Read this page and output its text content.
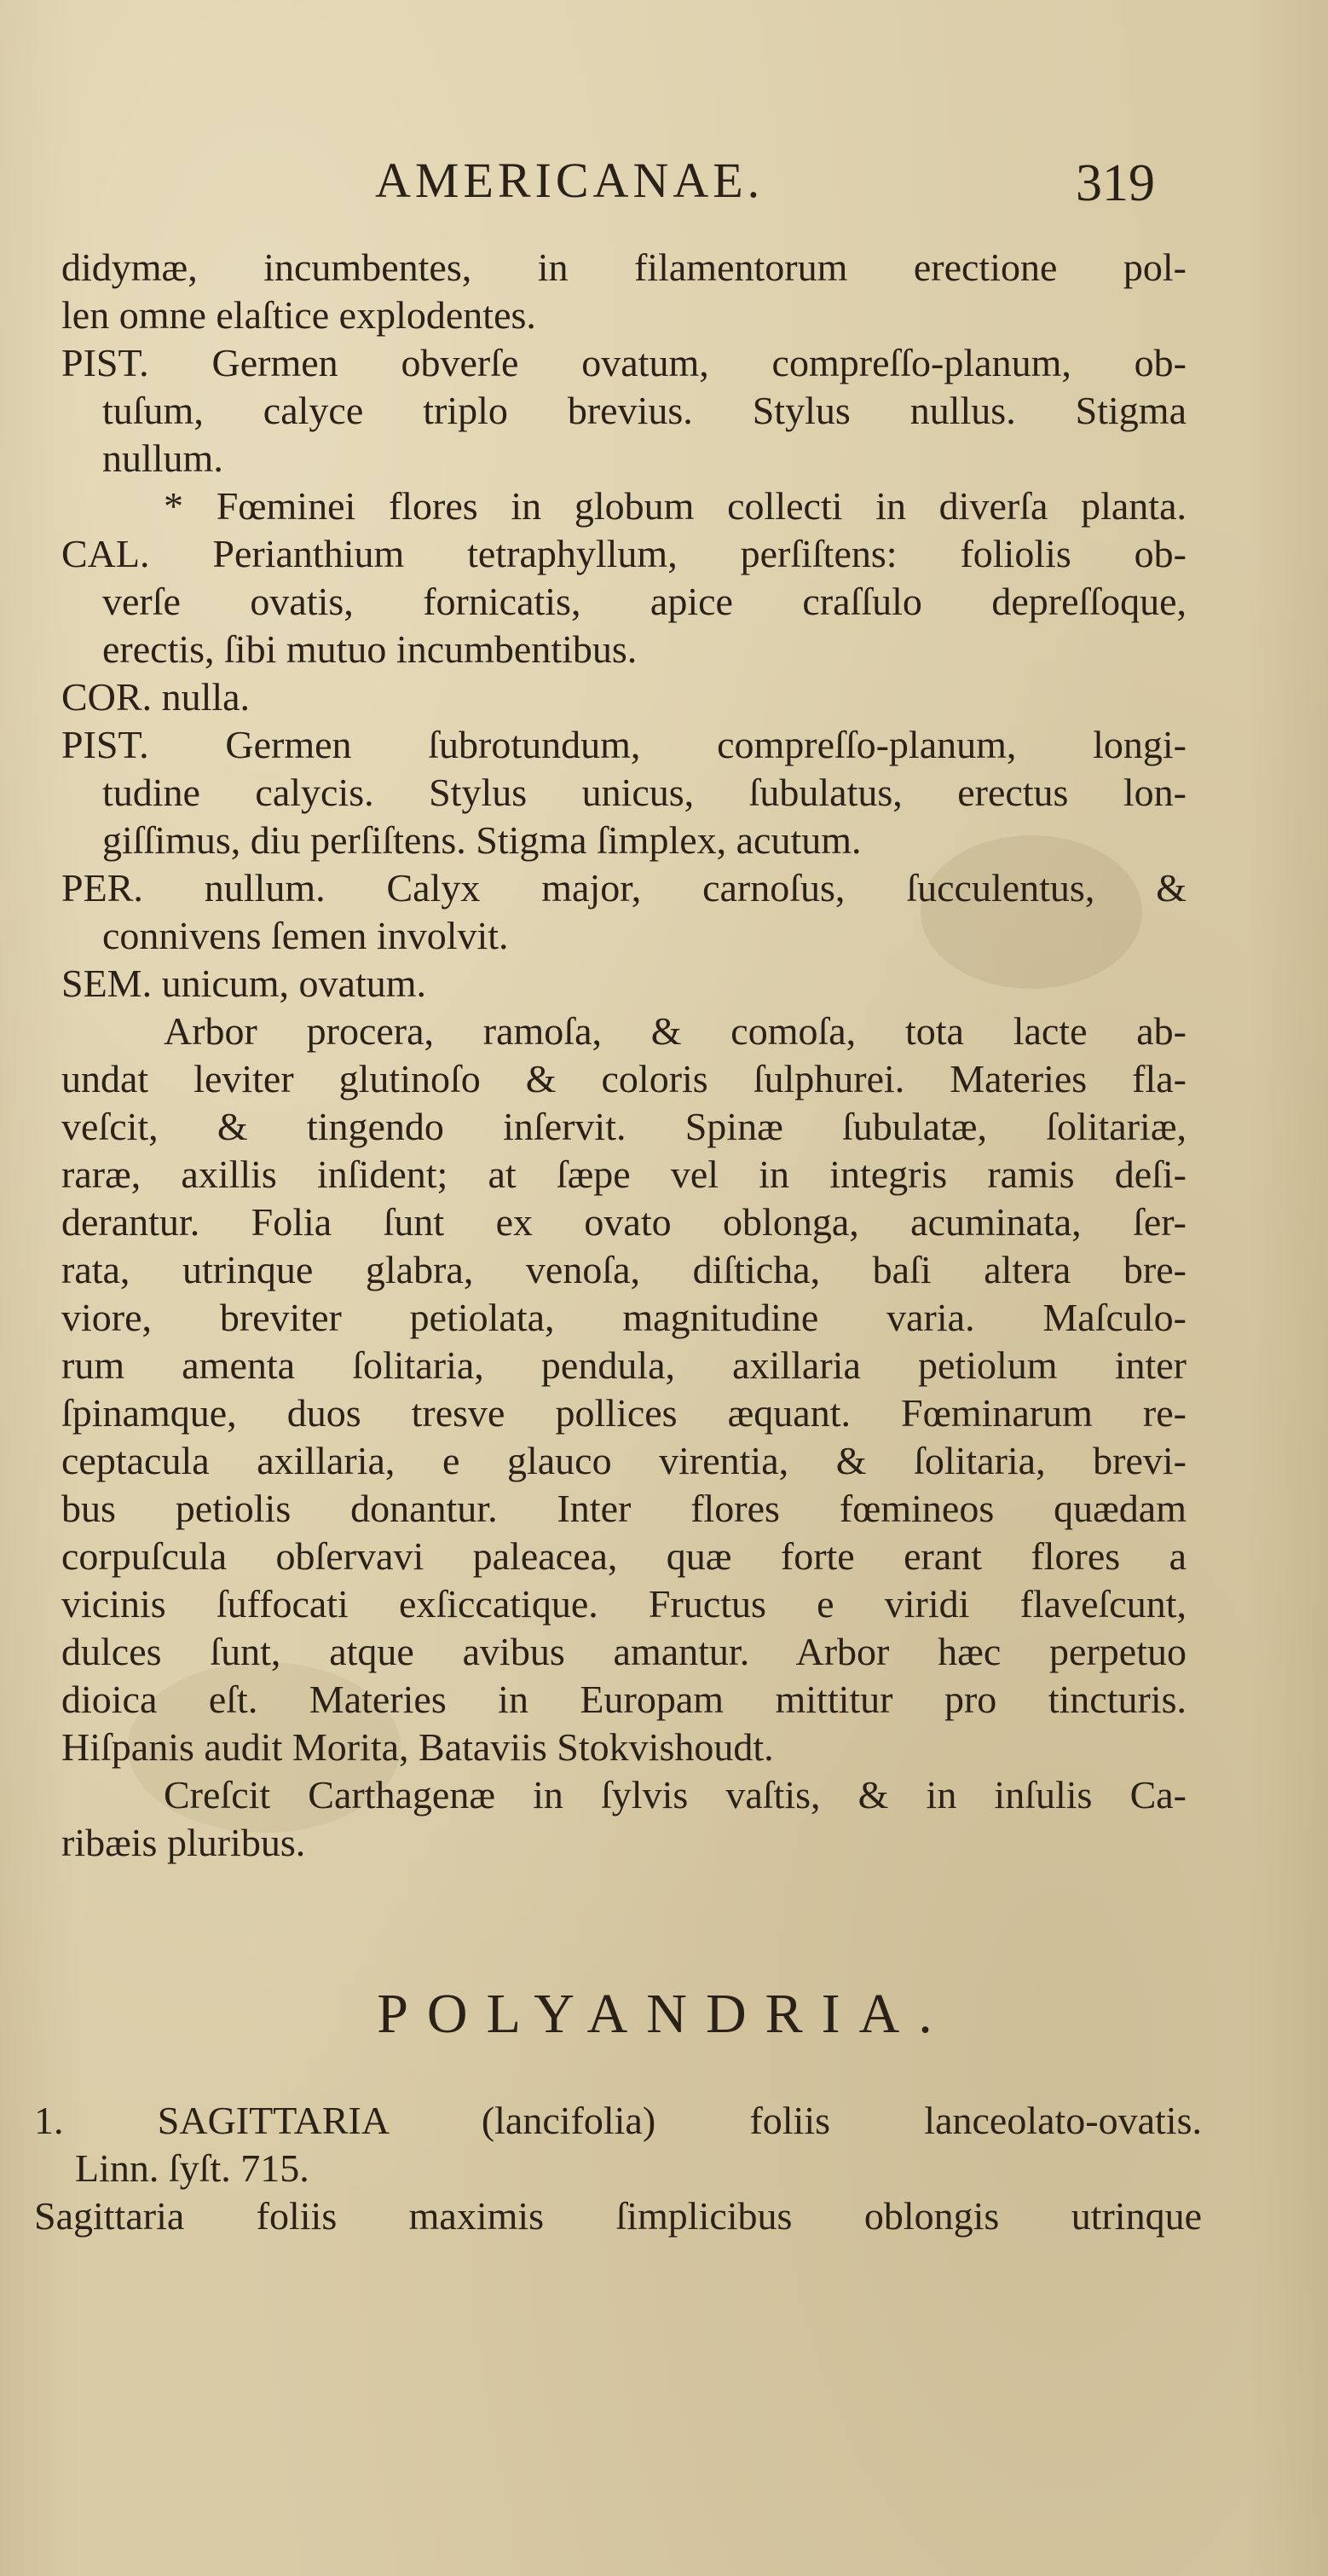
AMERICANAE.	319
didymæ, incumbentes, in filamentorum erectione pol-
len omne elaſtice explodentes.
PIST. Germen obverſe ovatum, compreſſo-planum, ob-
tuſum, calyce triplo brevius. Stylus nullus. Stigma
nullum.
* Fœminei flores in globum collecti in diverſa planta.
CAL. Perianthium tetraphyllum, perſiſtens: foliolis ob-
verſe ovatis, fornicatis, apice craſſulo depreſſoque,
erectis, ſibi mutuo incumbentibus.
COR. nulla.
PIST. Germen ſubrotundum, compreſſo-planum, longi-
tudine calycis. Stylus unicus, ſubulatus, erectus lon-
giſſimus, diu perſiſtens. Stigma ſimplex, acutum.
PER. nullum. Calyx major, carnoſus, ſucculentus, &
connivens ſemen involvit.
SEM. unicum, ovatum.
Arbor procera, ramoſa, & comoſa, tota lacte ab-
undat leviter glutinoſo & coloris ſulphurei. Materies fla-
veſcit, & tingendo inſervit. Spinæ ſubulatæ, ſolitariæ,
raræ, axillis inſident; at ſæpe vel in integris ramis deſi-
derantur. Folia ſunt ex ovato oblonga, acuminata, ſer-
rata, utrinque glabra, venoſa, diſticha, baſi altera bre-
viore, breviter petiolata, magnitudine varia. Maſculo-
rum amenta ſolitaria, pendula, axillaria petiolum inter
ſpinamque, duos tresve pollices æquant. Fœminarum re-
ceptacula axillaria, e glauco virentia, & ſolitaria, brevi-
bus petiolis donantur. Inter flores fœmineos quædam
corpuſcula obſervavi paleacea, quæ forte erant flores a
vicinis ſuffocati exſiccatique. Fructus e viridi flaveſcunt,
dulces ſunt, atque avibus amantur. Arbor hæc perpetuo
dioica eſt. Materies in Europam mittitur pro tincturis.
Hiſpanis audit Morita, Bataviis Stokvishoudt.
Creſcit Carthagenæ in ſylvis vaſtis, & in inſulis Ca-
ribæis pluribus.
POLYANDRIA.
1. SAGITTARIA (lancifolia) foliis lanceolato-ovatis.
Linn. ſyſt. 715.
Sagittaria foliis maximis ſimplicibus oblongis utrinque
